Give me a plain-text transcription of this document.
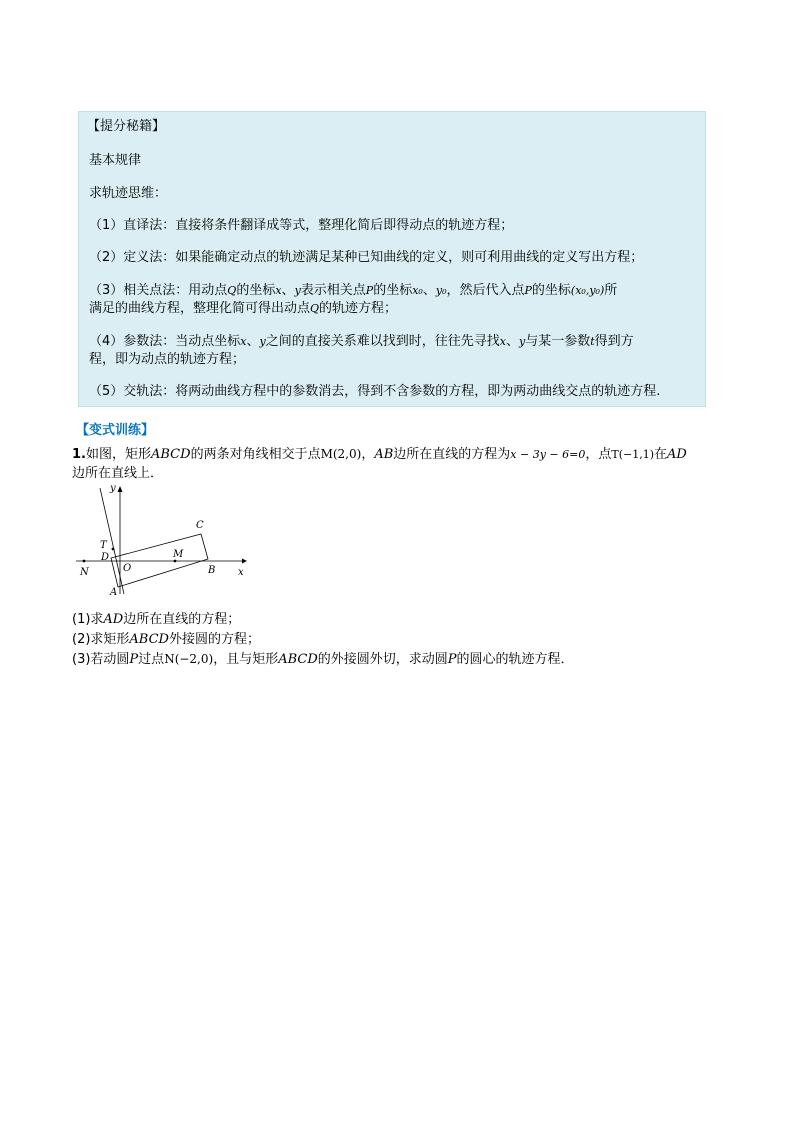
【提分秘籍】
基本规律
求轨迹思维：
（1）直译法：直接将条件翻译成等式，整理化简后即得动点的轨迹方程；
（2）定义法：如果能确定动点的轨迹满足某种已知曲线的定义，则可利用曲线的定义写出方程；
（3）相关点法：用动点Q的坐标x、y表示相关点P的坐标x₀、y₀，然后代入点P的坐标(x₀,y₀)所
满足的曲线方程，整理化简可得出动点Q的轨迹方程；
（4）参数法：当动点坐标x、y之间的直接关系难以找到时，往往先寻找x、y与某一参数t得到方
程，即为动点的轨迹方程；
（5）交轨法：将两动曲线方程中的参数消去，得到不含参数的方程，即为两动曲线交点的轨迹方程.
【变式训练】
1.如图，矩形ABCD的两条对角线相交于点M(2,0)，AB边所在直线的方程为x − 3y − 6=0，点T(−1,1)在AD
边所在直线上．
y
x
C
T
D	M
N	O	B
A
(1)求AD边所在直线的方程；
(2)求矩形ABCD外接圆的方程；
(3)若动圆P过点N(−2,0)，且与矩形ABCD的外接圆外切，求动圆P的圆心的轨迹方程．
